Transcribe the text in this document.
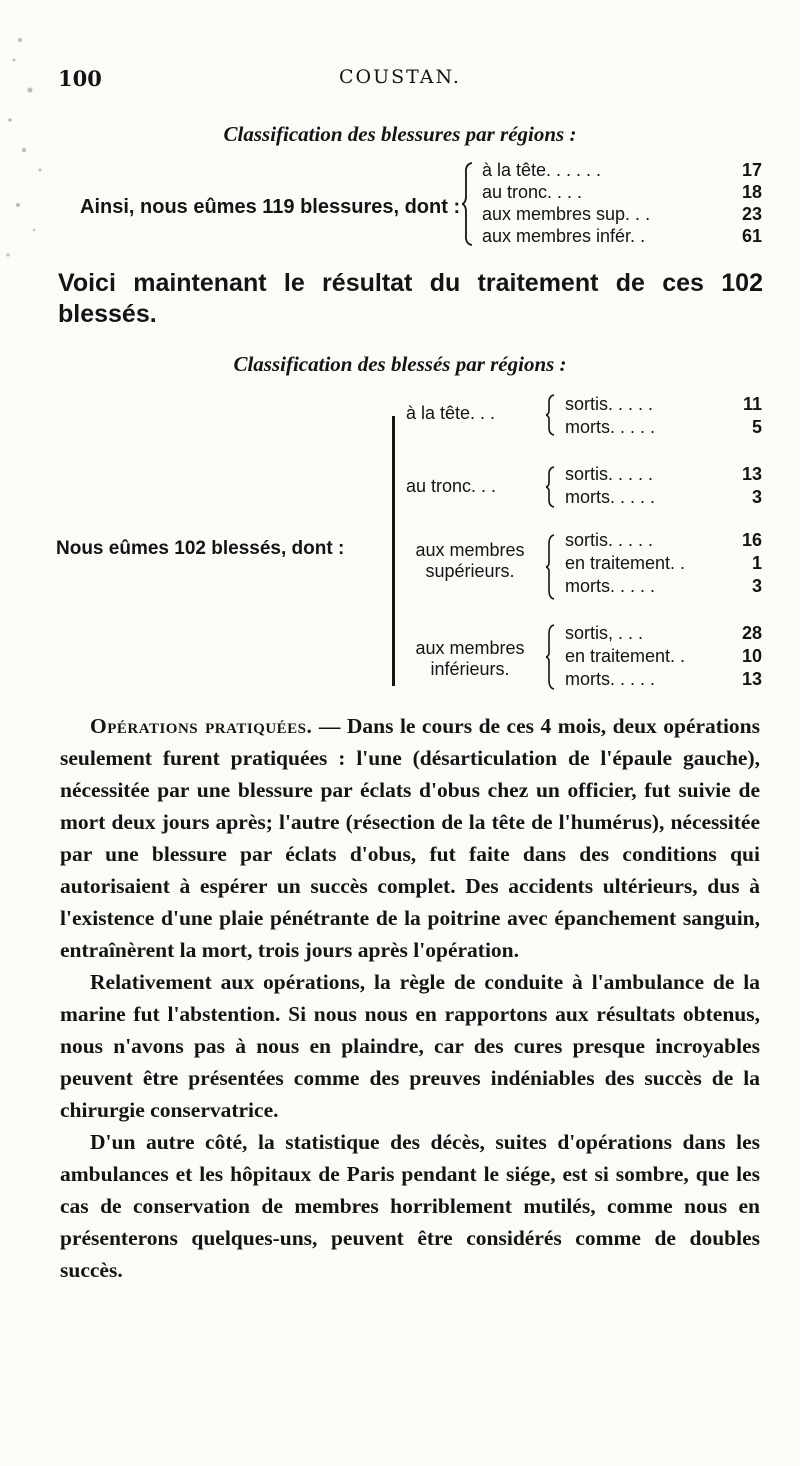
100	COUSTAN.
Classification des blessures par régions :
Ainsi, nous eûmes 119 blessures, dont :
à la tête. . . . . .	17
au tronc. . . .	18
aux membres sup. . .	23
aux membres infér. .	61
Voici maintenant le résultat du traitement de ces 102 blessés.
Classification des blessés par régions :
Nous eûmes 102 blessés, dont :
à la tête. . .	sortis. . . . .	11
morts. . . . .	5
au tronc. . .
sortis. . . . .	13
morts. . . . .	3
aux membres
supérieurs.
sortis. . . . .	16
en traitement. .	1
morts. . . . .	3
aux membres
inférieurs.
sortis, . . .	28
en traitement. .	10
morts. . . . .	13

Opérations pratiquées. — Dans le cours de ces 4 mois, deux opérations seulement furent pratiquées : l'une (désarticulation de l'épaule gauche), nécessitée par une blessure par éclats d'obus chez un officier, fut suivie de mort deux jours après; l'autre (résection de la tête de l'humérus), nécessitée par une blessure par éclats d'obus, fut faite dans des conditions qui autorisaient à espérer un succès complet. Des accidents ultérieurs, dus à l'existence d'une plaie pénétrante de la poitrine avec épanchement sanguin, entraînèrent la mort, trois jours après l'opération.

Relativement aux opérations, la règle de conduite à l'ambulance de la marine fut l'abstention. Si nous nous en rapportons aux résultats obtenus, nous n'avons pas à nous en plaindre, car des cures presque incroyables peuvent être présentées comme des preuves indéniables des succès de la chirurgie conservatrice.

D'un autre côté, la statistique des décès, suites d'opérations dans les ambulances et les hôpitaux de Paris pendant le siége, est si sombre, que les cas de conservation de membres horriblement mutilés, comme nous en présenterons quelques-uns, peuvent être considérés comme de doubles succès.
